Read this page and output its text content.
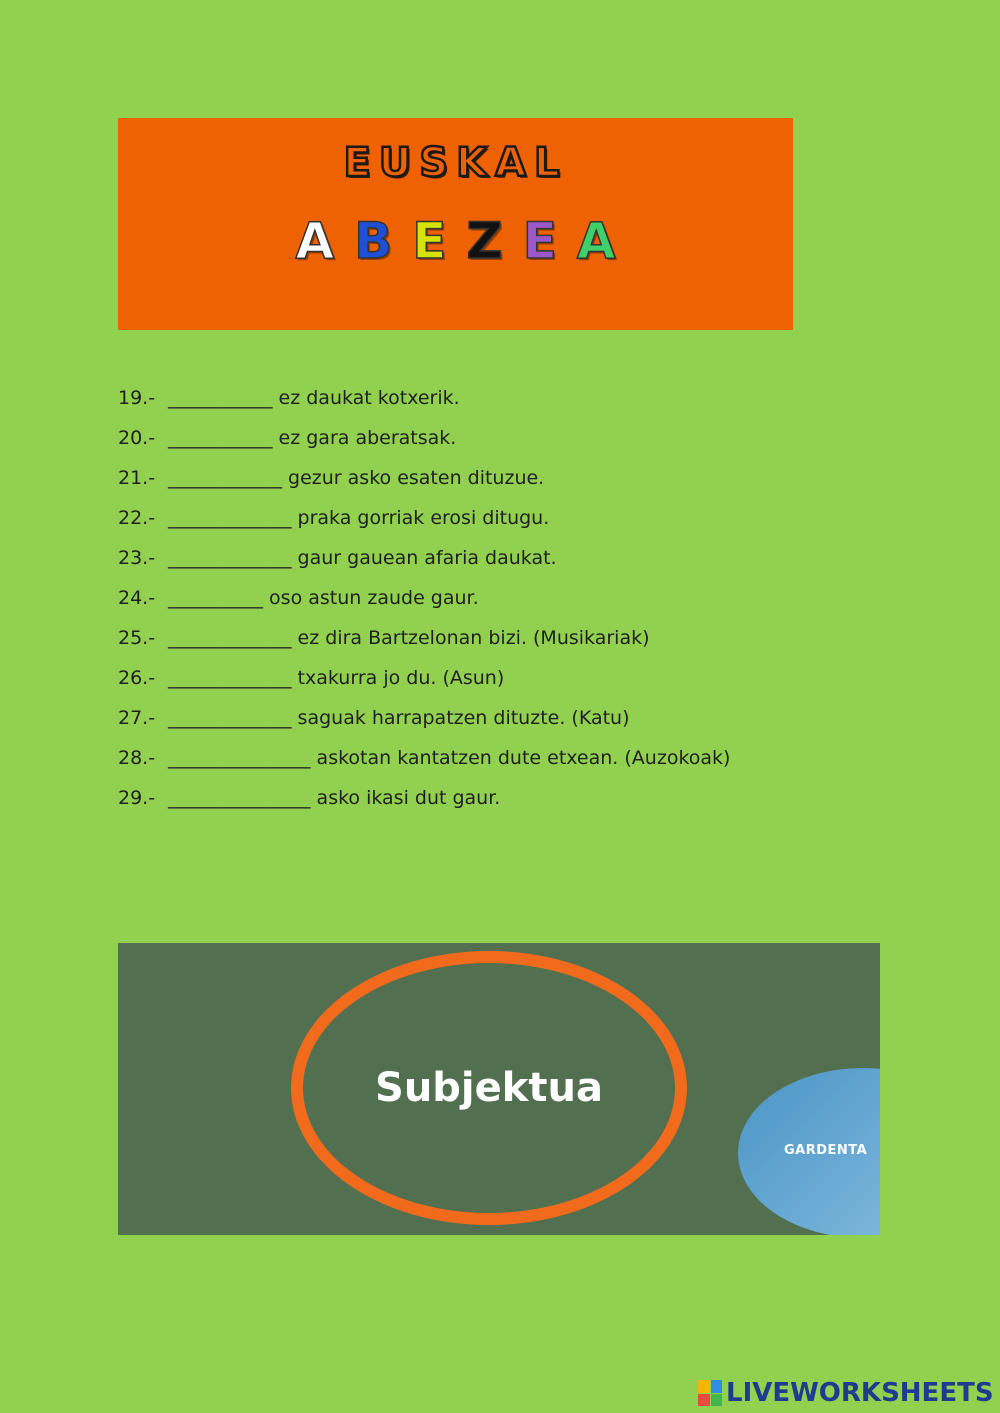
EUSKAL
A B E Z E A
19.- ___________ ez daukat kotxerik.
20.- ___________ ez gara aberatsak.
21.- ____________ gezur asko esaten dituzue.
22.- _____________ praka gorriak erosi ditugu.
23.- _____________ gaur gauean afaria daukat.
24.- __________ oso astun zaude gaur.
25.- _____________ ez dira Bartzelonan bizi. (Musikariak)
26.- _____________ txakurra jo du. (Asun)
27.- _____________ saguak harrapatzen dituzte. (Katu)
28.- _______________ askotan kantatzen dute etxean. (Auzokoak)
29.- _______________ asko ikasi dut gaur.
Subjektua
GARDENTA
LIVEWORKSHEETS
